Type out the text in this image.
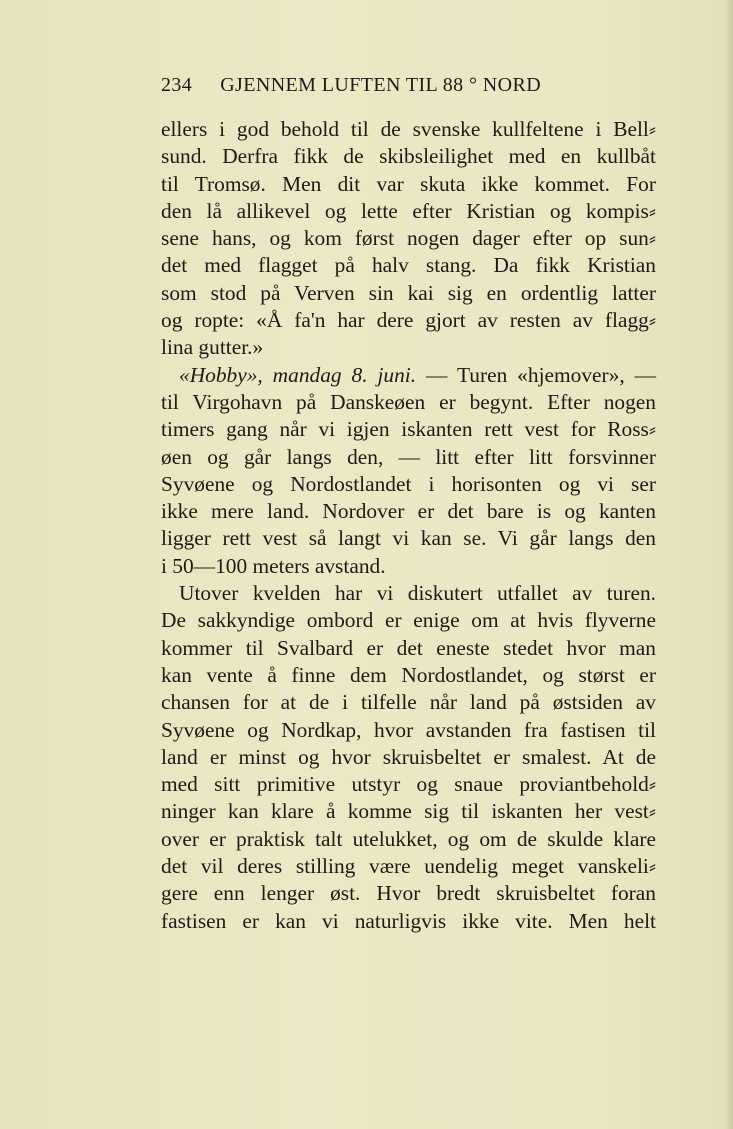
234 GJENNEM LUFTEN TIL 88 ° NORD
ellers i god behold til de svenske kullfeltene i Bell⸗
sund. Derfra fikk de skibsleilighet med en kullbåt
til Tromsø. Men dit var skuta ikke kommet. For
den lå allikevel og lette efter Kristian og kompis⸗
sene hans, og kom først nogen dager efter op sun⸗
det med flagget på halv stang. Da fikk Kristian
som stod på Verven sin kai sig en ordentlig latter
og ropte: «Å fa'n har dere gjort av resten av flagg⸗
lina gutter.»
«Hobby», mandag 8. juni. — Turen «hjemover», —
til Virgohavn på Danskeøen er begynt. Efter nogen
timers gang når vi igjen iskanten rett vest for Ross⸗
øen og går langs den, — litt efter litt forsvinner
Syvøene og Nordostlandet i horisonten og vi ser
ikke mere land. Nordover er det bare is og kanten
ligger rett vest så langt vi kan se. Vi går langs den
i 50—100 meters avstand.
Utover kvelden har vi diskutert utfallet av turen.
De sakkyndige ombord er enige om at hvis flyverne
kommer til Svalbard er det eneste stedet hvor man
kan vente å finne dem Nordostlandet, og størst er
chansen for at de i tilfelle når land på østsiden av
Syvøene og Nordkap, hvor avstanden fra fastisen til
land er minst og hvor skruisbeltet er smalest. At de
med sitt primitive utstyr og snaue proviantbehold⸗
ninger kan klare å komme sig til iskanten her vest⸗
over er praktisk talt utelukket, og om de skulde klare
det vil deres stilling være uendelig meget vanskeli⸗
gere enn lenger øst. Hvor bredt skruisbeltet foran
fastisen er kan vi naturligvis ikke vite. Men helt
